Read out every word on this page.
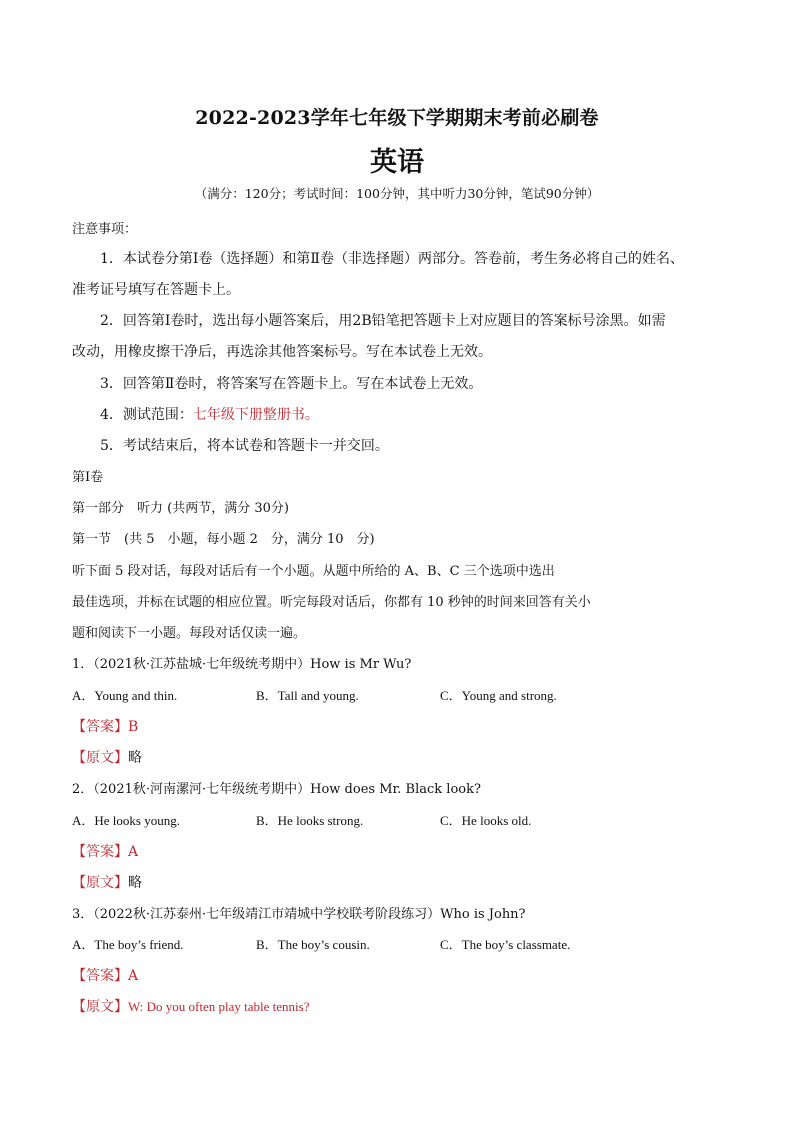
2022-2023学年七年级下学期期末考前必刷卷
英语
（满分：120分；考试时间：100分钟，其中听力30分钟，笔试90分钟）
注意事项：
1．本试卷分第Ⅰ卷（选择题）和第Ⅱ卷（非选择题）两部分。答卷前，考生务必将自己的姓名、
准考证号填写在答题卡上。
2．回答第Ⅰ卷时，选出每小题答案后，用2B铅笔把答题卡上对应题目的答案标号涂黑。如需
改动，用橡皮擦干净后，再选涂其他答案标号。写在本试卷上无效。
3．回答第Ⅱ卷时，将答案写在答题卡上。写在本试卷上无效。
4．测试范围：七年级下册整册书。
5．考试结束后，将本试卷和答题卡一并交回。
第I卷
第一部分　听力 (共两节，满分 30分)
第一节　(共 5　小题，每小题 2　分，满分 10　分)
听下面 5 段对话，每段对话后有一个小题。从题中所给的 A、B、C 三个选项中选出
最佳选项，并标在试题的相应位置。听完每段对话后，你都有 10 秒钟的时间来回答有关小
题和阅读下一小题。每段对话仅读一遍。
1．（2021秋·江苏盐城·七年级统考期中）How is Mr Wu?
A．Young and thin.	B．Tall and young.	C．Young and strong.
【答案】B
【原文】略
2．（2021秋·河南漯河·七年级统考期中）How does Mr. Black look?
A．He looks young.	B．He looks strong.	C．He looks old.
【答案】A
【原文】略
3．（2022秋·江苏泰州·七年级靖江市靖城中学校联考阶段练习）Who is John?
A．The boy’s friend.	B．The boy’s cousin.	C．The boy’s classmate.
【答案】A
【原文】W: Do you often play table tennis?
